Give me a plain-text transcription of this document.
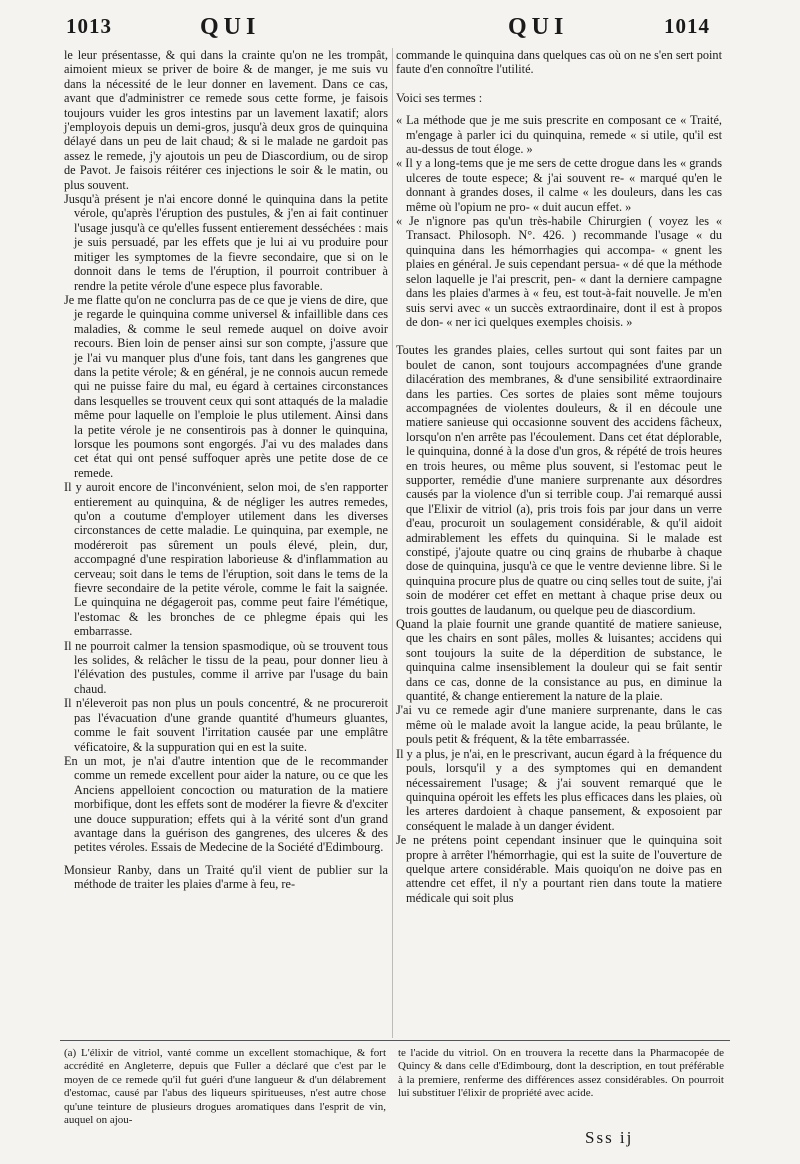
1013	QUI	QUI	1014

le leur présentasse, & qui dans la crainte qu'on ne les trompât, aimoient mieux se priver de boire & de manger, je me suis vu dans la nécessité de le leur donner en lavement. Dans ce cas, avant que d'administrer ce remede sous cette forme, je faisois toujours vuider les gros intestins par un lavement laxatif; alors j'employois depuis un demi-gros, jusqu'à deux gros de quinquina délayé dans un peu de lait chaud; & si le malade ne gardoit pas assez le remede, j'y ajoutois un peu de Diascordium, ou de sirop de Pavot. Je faisois réitérer ces injections le soir & le matin, ou plus souvent.

Jusqu'à présent je n'ai encore donné le quinquina dans la petite vérole, qu'après l'éruption des pustules, & j'en ai fait continuer l'usage jusqu'à ce qu'elles fussent entierement desséchées : mais je suis persuadé, par les effets que je lui ai vu produire pour mitiger les symptomes de la fievre secondaire, que si on le donnoit dans le tems de l'éruption, il pourroit contribuer à rendre la petite vérole d'une espece plus favorable.

Je me flatte qu'on ne conclurra pas de ce que je viens de dire, que je regarde le quinquina comme universel & infaillible dans ces maladies, & comme le seul remede auquel on doive avoir recours. Bien loin de penser ainsi sur son compte, j'assure que je l'ai vu manquer plus d'une fois, tant dans les gangrenes que dans la petite vérole; & en général, je ne connois aucun remede qui ne puisse faire du mal, eu égard à certaines circonstances dans lesquelles se trouvent ceux qui sont attaqués de la maladie même pour laquelle on l'emploie le plus utilement. Ainsi dans la petite vérole je ne consentirois pas à donner le quinquina, lorsque les poumons sont engorgés. J'ai vu des malades dans cet état qui ont pensé suffoquer après une petite dose de ce remede.

Il y auroit encore de l'inconvénient, selon moi, de s'en rapporter entierement au quinquina, & de négliger les autres remedes, qu'on a coutume d'employer utilement dans les diverses circonstances de cette maladie. Le quinquina, par exemple, ne modéreroit pas sûrement un pouls élevé, plein, dur, accompagné d'une respiration laborieuse & d'inflammation au cerveau; soit dans le tems de l'éruption, soit dans le tems de la fievre secondaire de la petite vérole, comme le fait la saignée. Le quinquina ne dégageroit pas, comme peut faire l'émétique, l'estomac & les bronches de ce phlegme épais qui les embarrasse.

Il ne pourroit calmer la tension spasmodique, où se trouvent tous les solides, & relâcher le tissu de la peau, pour donner lieu à l'élévation des pustules, comme il arrive par l'usage du bain chaud.

Il n'éleveroit pas non plus un pouls concentré, & ne procureroit pas l'évacuation d'une grande quantité d'humeurs gluantes, comme le fait souvent l'irritation causée par une emplâtre véficatoire, & la suppuration qui en est la suite.

En un mot, je n'ai d'autre intention que de le recommander comme un remede excellent pour aider la nature, ou ce que les Anciens appelloient concoction ou maturation de la matiere morbifique, dont les effets sont de modérer la fievre & d'exciter une douce suppuration; effets qui à la vérité sont d'un grand avantage dans la guérison des gangrenes, des ulceres & des petites véroles. Essais de Medecine de la Société d'Edimbourg.

Monsieur Ranby, dans un Traité qu'il vient de publier sur la méthode de traiter les plaies d'arme à feu, re-

commande le quinquina dans quelques cas où on ne s'en sert point faute d'en connoître l'utilité.

Voici ses termes :

« La méthode que je me suis prescrite en composant ce « Traité, m'engage à parler ici du quinquina, remede « si utile, qu'il est au-dessus de tout éloge. »

« Il y a long-tems que je me sers de cette drogue dans les « grands ulceres de toute espece; & j'ai souvent re- « marqué qu'en le donnant à grandes doses, il calme « les douleurs, dans les cas même où l'opium ne pro- « duit aucun effet. »

« Je n'ignore pas qu'un très-habile Chirurgien ( voyez les « Transact. Philosoph. N°. 426. ) recommande l'usage « du quinquina dans les hémorrhagies qui accompa- « gnent les plaies en général. Je suis cependant persua- « dé que la méthode selon laquelle je l'ai prescrit, pen- « dant la derniere campagne dans les plaies d'armes à « feu, est tout-à-fait nouvelle. Je m'en suis servi avec « un succès extraordinaire, dont il est à propos de don- « ner ici quelques exemples choisis. »

Toutes les grandes plaies, celles surtout qui sont faites par un boulet de canon, sont toujours accompagnées d'une grande dilacération des membranes, & d'une sensibilité extraordinaire dans les parties. Ces sortes de plaies sont même toujours accompagnées de violentes douleurs, & il en découle une matiere sanieuse qui occasionne souvent des accidens fâcheux, lorsqu'on n'en arrête pas l'écoulement. Dans cet état déplorable, le quinquina, donné à la dose d'un gros, & répété de trois heures en trois heures, ou même plus souvent, si l'estomac peut le supporter, remédie d'une maniere surprenante aux désordres causés par la violence d'un si terrible coup. J'ai remarqué aussi que l'Elixir de vitriol (a), pris trois fois par jour dans un verre d'eau, procuroit un soulagement considérable, & qu'il aidoit admirablement les effets du quinquina. Si le malade est constipé, j'ajoute quatre ou cinq grains de rhubarbe à chaque dose de quinquina, jusqu'à ce que le ventre devienne libre. Si le quinquina procure plus de quatre ou cinq selles tout de suite, j'ai soin de modérer cet effet en mettant à chaque prise deux ou trois gouttes de laudanum, ou quelque peu de diascordium.

Quand la plaie fournit une grande quantité de matiere sanieuse, que les chairs en sont pâles, molles & luisantes; accidens qui sont toujours la suite de la déperdition de substance, le quinquina calme insensiblement la douleur qui se fait sentir dans ce cas, donne de la consistance au pus, en diminue la quantité, & change entierement la nature de la plaie.

J'ai vu ce remede agir d'une maniere surprenante, dans le cas même où le malade avoit la langue acide, la peau brûlante, le pouls petit & fréquent, & la tête embarrassée.

Il y a plus, je n'ai, en le prescrivant, aucun égard à la fréquence du pouls, lorsqu'il y a des symptomes qui en demandent nécessairement l'usage; & j'ai souvent remarqué que le quinquina opéroit les effets les plus efficaces dans les plaies, où les arteres dardoient à chaque pansement, & exposoient par conséquent le malade à un danger évident.

Je ne prétens point cependant insinuer que le quinquina soit propre à arrêter l'hémorrhagie, qui est la suite de l'ouverture de quelque artere considérable. Mais quoiqu'on ne doive pas en attendre cet effet, il n'y a pourtant rien dans toute la matiere médicale qui soit plus

(a) L'élixir de vitriol, vanté comme un excellent stomachique, & fort accrédité en Angleterre, depuis que Fuller a déclaré que c'est par le moyen de ce remede qu'il fut guéri d'une langueur & d'un délabrement d'estomac, causé par l'abus des liqueurs spiritueuses, n'est autre chose qu'une teinture de plusieurs drogues aromatiques dans l'esprit de vin, auquel on ajou-

te l'acide du vitriol. On en trouvera la recette dans la Pharmacopée de Quincy & dans celle d'Edimbourg, dont la description, en tout préférable à la premiere, renferme des différences assez considérables. On pourroit lui substituer l'élixir de propriété avec acide.

Sss ij
